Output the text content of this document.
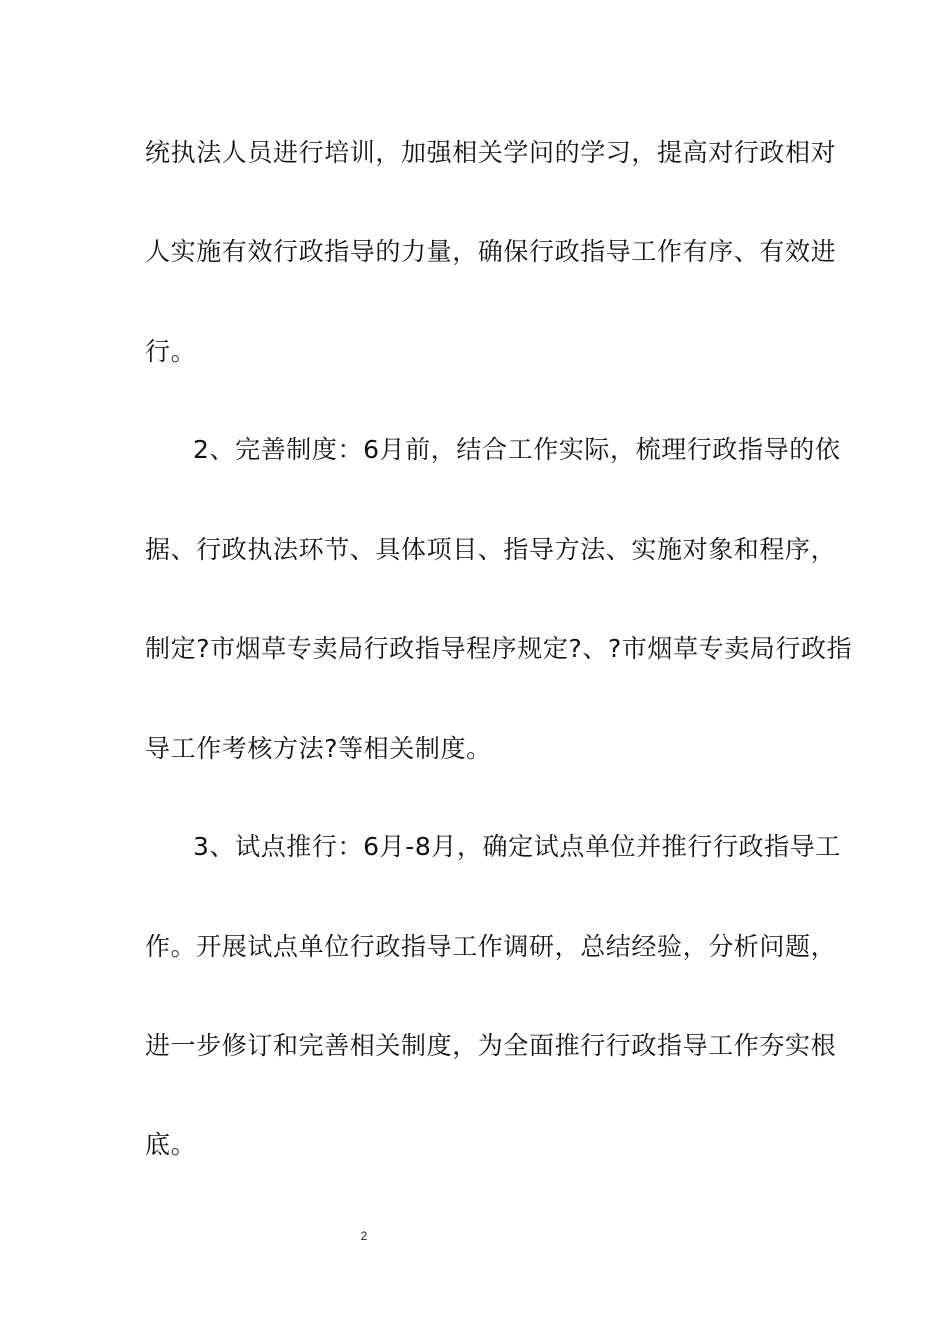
统执法人员进行培训，加强相关学问的学习，提高对行政相对
人实施有效行政指导的力量，确保行政指导工作有序、有效进
行。
2、完善制度：6月前，结合工作实际，梳理行政指导的依
据、行政执法环节、具体项目、指导方法、实施对象和程序，
制定?市烟草专卖局行政指导程序规定?、?市烟草专卖局行政指
导工作考核方法?等相关制度。
3、试点推行：6月-8月，确定试点单位并推行行政指导工
作。开展试点单位行政指导工作调研，总结经验，分析问题，
进一步修订和完善相关制度，为全面推行行政指导工作夯实根
底。
2
